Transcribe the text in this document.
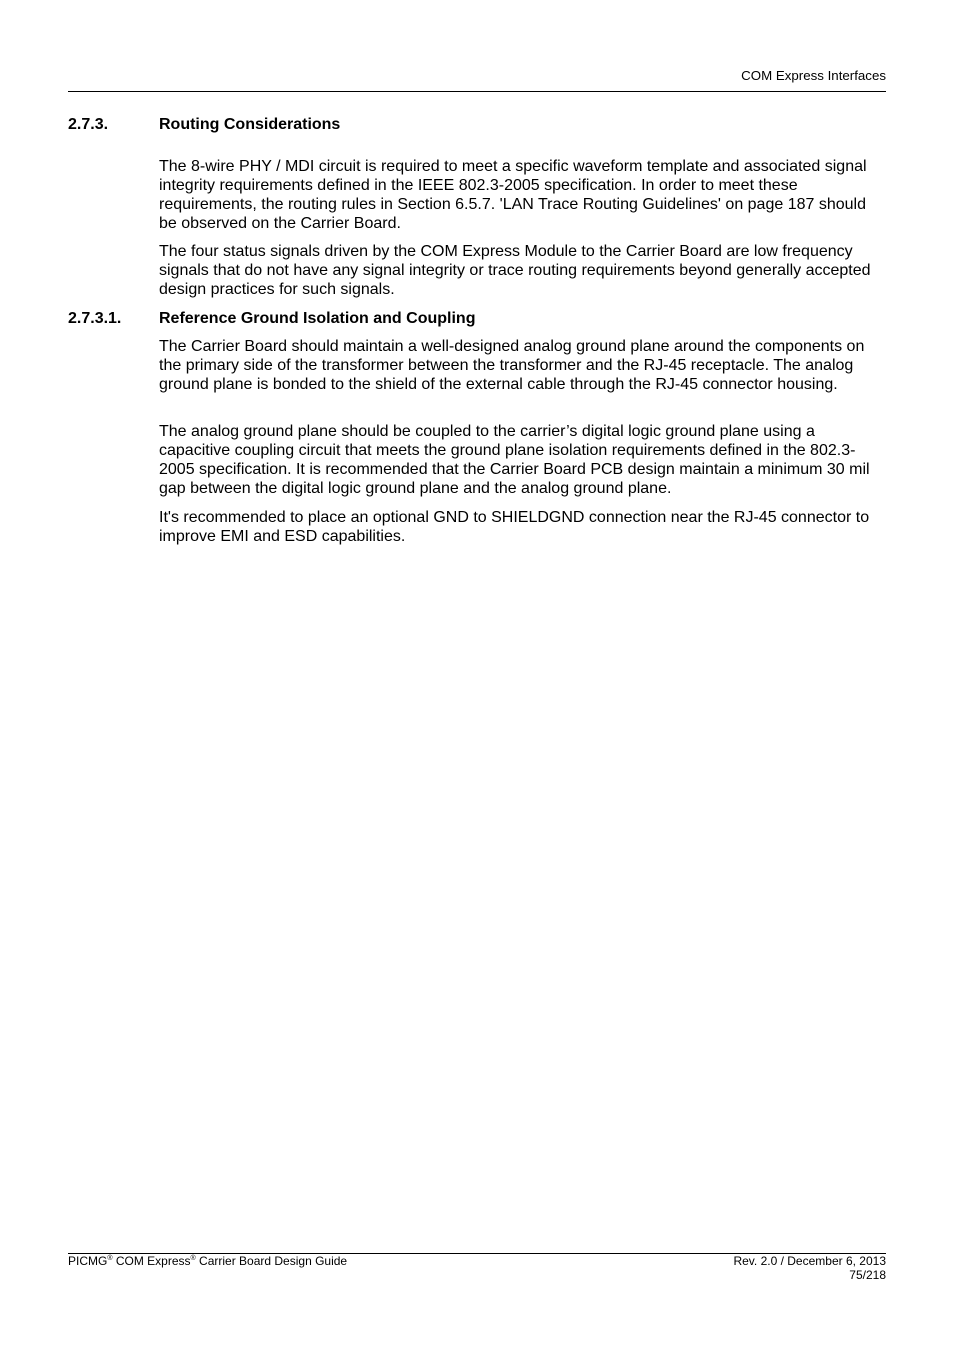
COM Express Interfaces
2.7.3.	Routing Considerations

The 8-wire PHY / MDI circuit is required to meet a specific waveform template and associated signal integrity requirements defined in the IEEE 802.3-2005 specification. In order to meet these requirements, the routing rules in Section 6.5.7. 'LAN Trace Routing Guidelines' on page 187 should be observed on the Carrier Board.

The four status signals driven by the COM Express Module to the Carrier Board are low frequency signals that do not have any signal integrity or trace routing requirements beyond generally accepted design practices for such signals.

2.7.3.1. Reference Ground Isolation and Coupling

The Carrier Board should maintain a well-designed analog ground plane around the components on the primary side of the transformer between the transformer and the RJ-45 receptacle. The analog ground plane is bonded to the shield of the external cable through the RJ-45 connector housing.

The analog ground plane should be coupled to the carrier’s digital logic ground plane using a capacitive coupling circuit that meets the ground plane isolation requirements defined in the 802.3-2005 specification. It is recommended that the Carrier Board PCB design maintain a minimum 30 mil gap between the digital logic ground plane and the analog ground plane.

It's recommended to place an optional GND to SHIELDGND connection near the RJ-45 connector to improve EMI and ESD capabilities.

PICMG® COM Express® Carrier Board Design Guide	Rev. 2.0 / December 6, 2013
75/218
